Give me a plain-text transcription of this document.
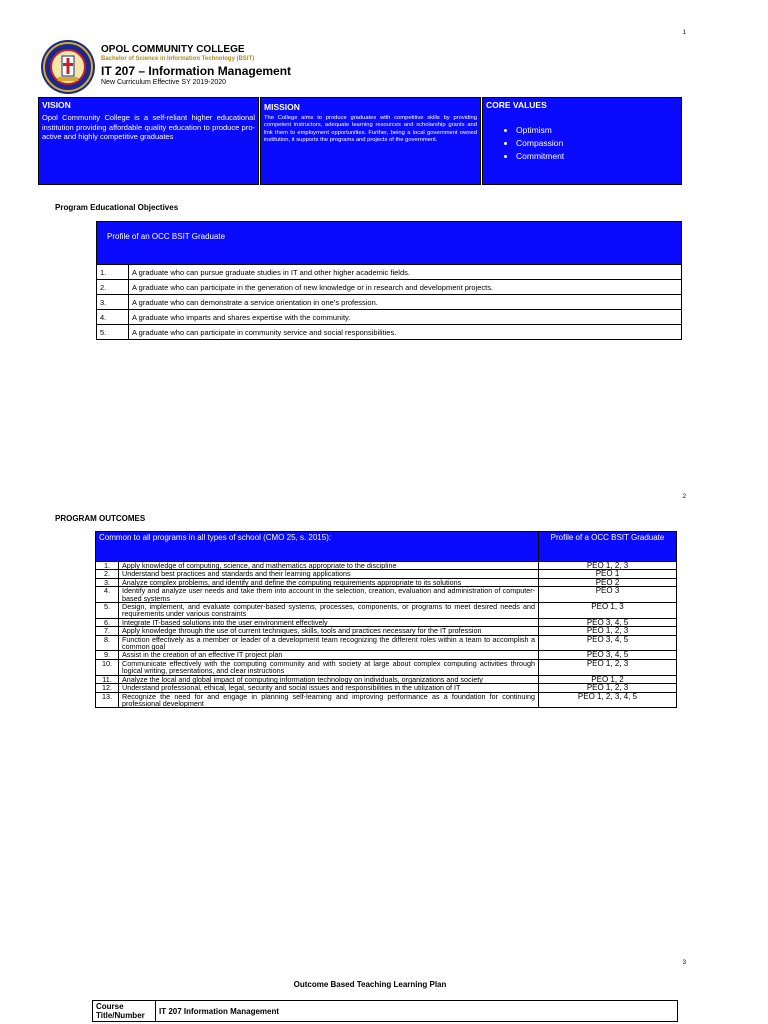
1
OPOL COMMUNITY COLLEGE
Bachelor of Science in Information Technology (BSIT)
IT 207 – Information Management
New Curriculum Effective SY 2019-2020
VISION
Opol Community College is a self-reliant higher educational institution providing affordable quality education to produce pro-active and highly competitive graduates
MISSION
The College aims to produce graduates with competitive skills by providing competent instructors, adequate learning resources and scholarship grants and link them to employment opportunities. Further, being a local government owned institution, it supports the programs and projects of the government.
CORE VALUES
• Optimism
• Compassion
• Commitment
Program Educational Objectives
Profile of an OCC BSIT Graduate	
1.	A graduate who can pursue graduate studies in IT and other higher academic fields.
2.	A graduate who can participate in the generation of new knowledge or in research and development projects.
3.	A graduate who can demonstrate a service orientation in one’s profession.
4.	A graduate who imparts and shares expertise with the community.
5.	A graduate who can participate in community service and social responsibilities.
2
PROGRAM OUTCOMES
Common to all programs in all types of school (CMO 25, s. 2015):		Profile of a OCC BSIT Graduate
1.	Apply knowledge of computing, science, and mathematics appropriate to the discipline	PEO 1, 2, 3
2.	Understand best practices and standards and their learning applications	PEO 1
3.	Analyze complex problems, and identify and define the computing requirements appropriate to its solutions	PEO 2
4.	Identify and analyze user needs and take them into account in the selection, creation, evaluation and administration of computer-based systems	PEO 3
5.	Design, implement, and evaluate computer-based systems, processes, components, or programs to meet desired needs and requirements under various constraints	PEO 1, 3
6.	Integrate IT-based solutions into the user environment effectively	PEO 3, 4, 5
7.	Apply knowledge through the use of current techniques, skills, tools and practices necessary for the IT profession	PEO 1, 2, 3
8.	Function effectively as a member or leader of a development team recognizing the different roles within a team to accomplish a common goal	PEO 3, 4, 5
9.	Assist in the creation of an effective IT project plan	PEO 3, 4, 5
10.	Communicate effectively with the computing community and with society at large about complex computing activities through logical writing, presentations, and clear instructions	PEO 1, 2, 3
11.	Analyze the local and global impact of computing information technology on individuals, organizations and society	PEO 1, 2
12.	Understand professional, ethical, legal, security and social issues and responsibilities in the utilization of IT	PEO 1, 2, 3
13.	Recognize the need for and engage in planning self-learning and improving performance as a foundation for continuing professional development	PEO 1, 2, 3, 4, 5
3
Outcome Based Teaching Learning Plan
Course Title/Number	IT 207 Information Management
